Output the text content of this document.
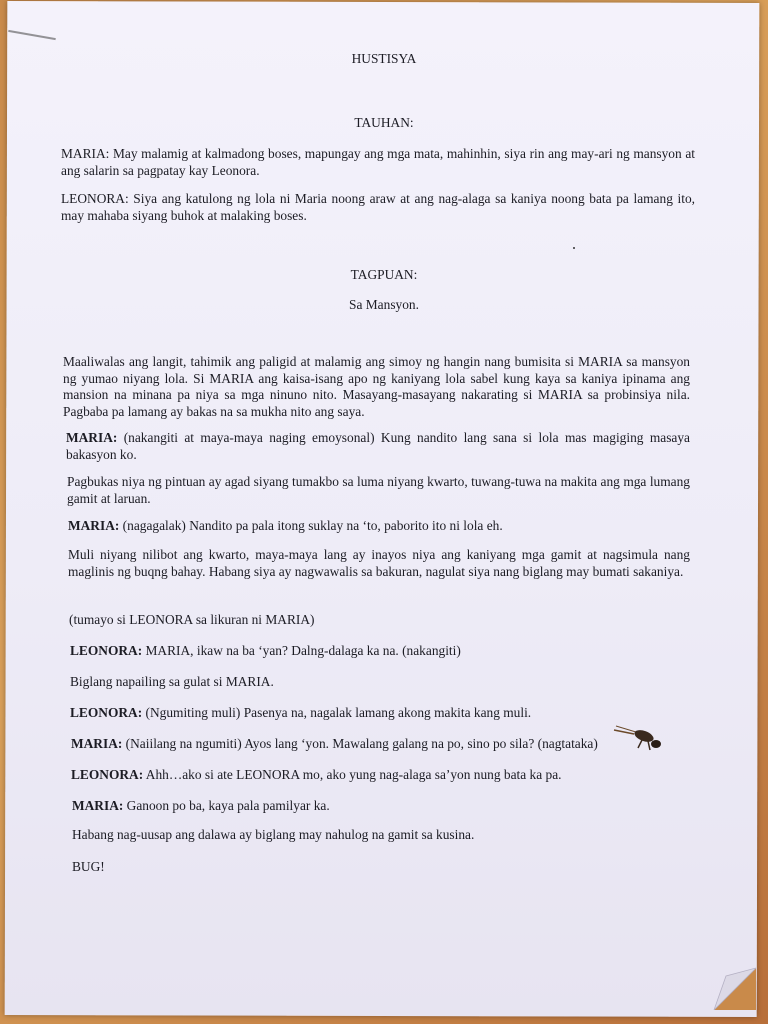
HUSTISYA
TAUHAN:
MARIA: May malamig at kalmadong boses, mapungay ang mga mata, mahinhin, siya rin ang may-ari ng mansyon at ang salarin sa pagpatay kay Leonora.
LEONORA: Siya ang katulong ng lola ni Maria noong araw at ang nag-alaga sa kaniya noong bata pa lamang ito, may mahaba siyang buhok at malaking boses.
TAGPUAN:
Sa Mansyon.
Maaliwalas ang langit, tahimik ang paligid at malamig ang simoy ng hangin nang bumisita si MARIA sa mansyon ng yumao niyang lola. Si MARIA ang kaisa-isang apo ng kaniyang lola sabel kung kaya sa kaniya ipinama ang mansion na minana pa niya sa mga ninuno nito. Masayang-masayang nakarating si MARIA sa probinsiya nila. Pagbaba pa lamang ay bakas na sa mukha nito ang saya.
MARIA: (nakangiti at maya-maya naging emoysonal) Kung nandito lang sana si lola mas magiging masaya bakasyon ko.
Pagbukas niya ng pintuan ay agad siyang tumakbo sa luma niyang kwarto, tuwang-tuwa na makita ang mga lumang gamit at laruan.
MARIA: (nagagalak) Nandito pa pala itong suklay na ‘to, paborito ito ni lola eh.
Muli niyang nilibot ang kwarto, maya-maya lang ay inayos niya ang kaniyang mga gamit at nagsimula nang maglinis ng buqng bahay. Habang siya ay nagwawalis sa bakuran, nagulat siya nang biglang may bumati sakaniya.
(tumayo si LEONORA sa likuran ni MARIA)
LEONORA: MARIA, ikaw na ba ‘yan? Dalng-dalaga ka na. (nakangiti)
Biglang napailing sa gulat si MARIA.
LEONORA: (Ngumiting muli) Pasenya na, nagalak lamang akong makita kang muli.
MARIA: (Naiilang na ngumiti) Ayos lang ‘yon. Mawalang galang na po, sino po sila? (nagtataka)
LEONORA: Ahh…ako si ate LEONORA mo, ako yung nag-alaga sa’yon nung bata ka pa.
MARIA: Ganoon po ba, kaya pala pamilyar ka.
Habang nag-uusap ang dalawa ay biglang may nahulog na gamit sa kusina.
BUG!
